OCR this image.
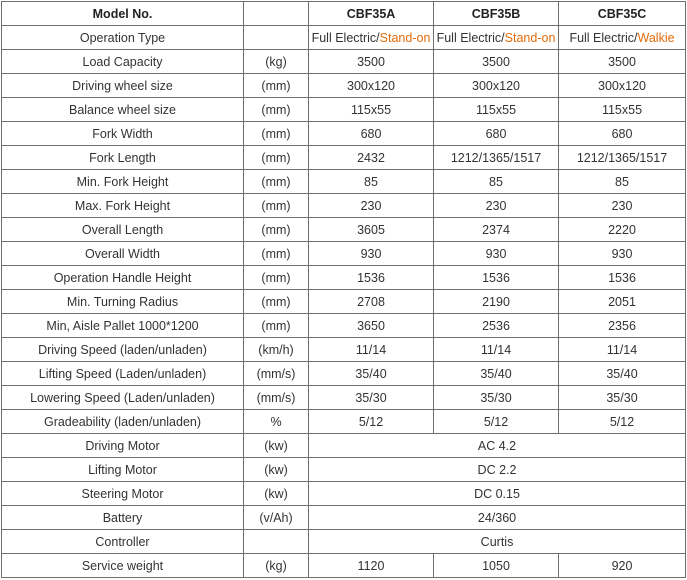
Model No.		CBF35A	CBF35B	CBF35C
Operation Type		Full Electric/Stand-on	Full Electric/Stand-on	Full Electric/Walkie
Load Capacity	(kg)	3500	3500	3500
Driving wheel size	(mm)	300x120	300x120	300x120
Balance wheel size	(mm)	115x55	115x55	115x55
Fork Width	(mm)	680	680	680
Fork Length	(mm)	2432	1212/1365/1517	1212/1365/1517
Min. Fork Height	(mm)	85	85	85
Max. Fork Height	(mm)	230	230	230
Overall Length	(mm)	3605	2374	2220
Overall Width	(mm)	930	930	930
Operation Handle Height	(mm)	1536	1536	1536
Min. Turning Radius	(mm)	2708	2190	2051
Min, Aisle Pallet 1000*1200	(mm)	3650	2536	2356
Driving Speed (laden/unladen)	(km/h)	11/14	11/14	11/14
Lifting Speed (Laden/unladen)	(mm/s)	35/40	35/40	35/40
Lowering Speed (Laden/unladen)	(mm/s)	35/30	35/30	35/30
Gradeability (laden/unladen)	%	5/12	5/12	5/12
Driving Motor	(kw)	AC 4.2		
Lifting Motor	(kw)	DC 2.2		
Steering Motor	(kw)	DC 0.15		
Battery	(v/Ah)	24/360		
Controller		Curtis		
Service weight	(kg)	1120	1050	920
